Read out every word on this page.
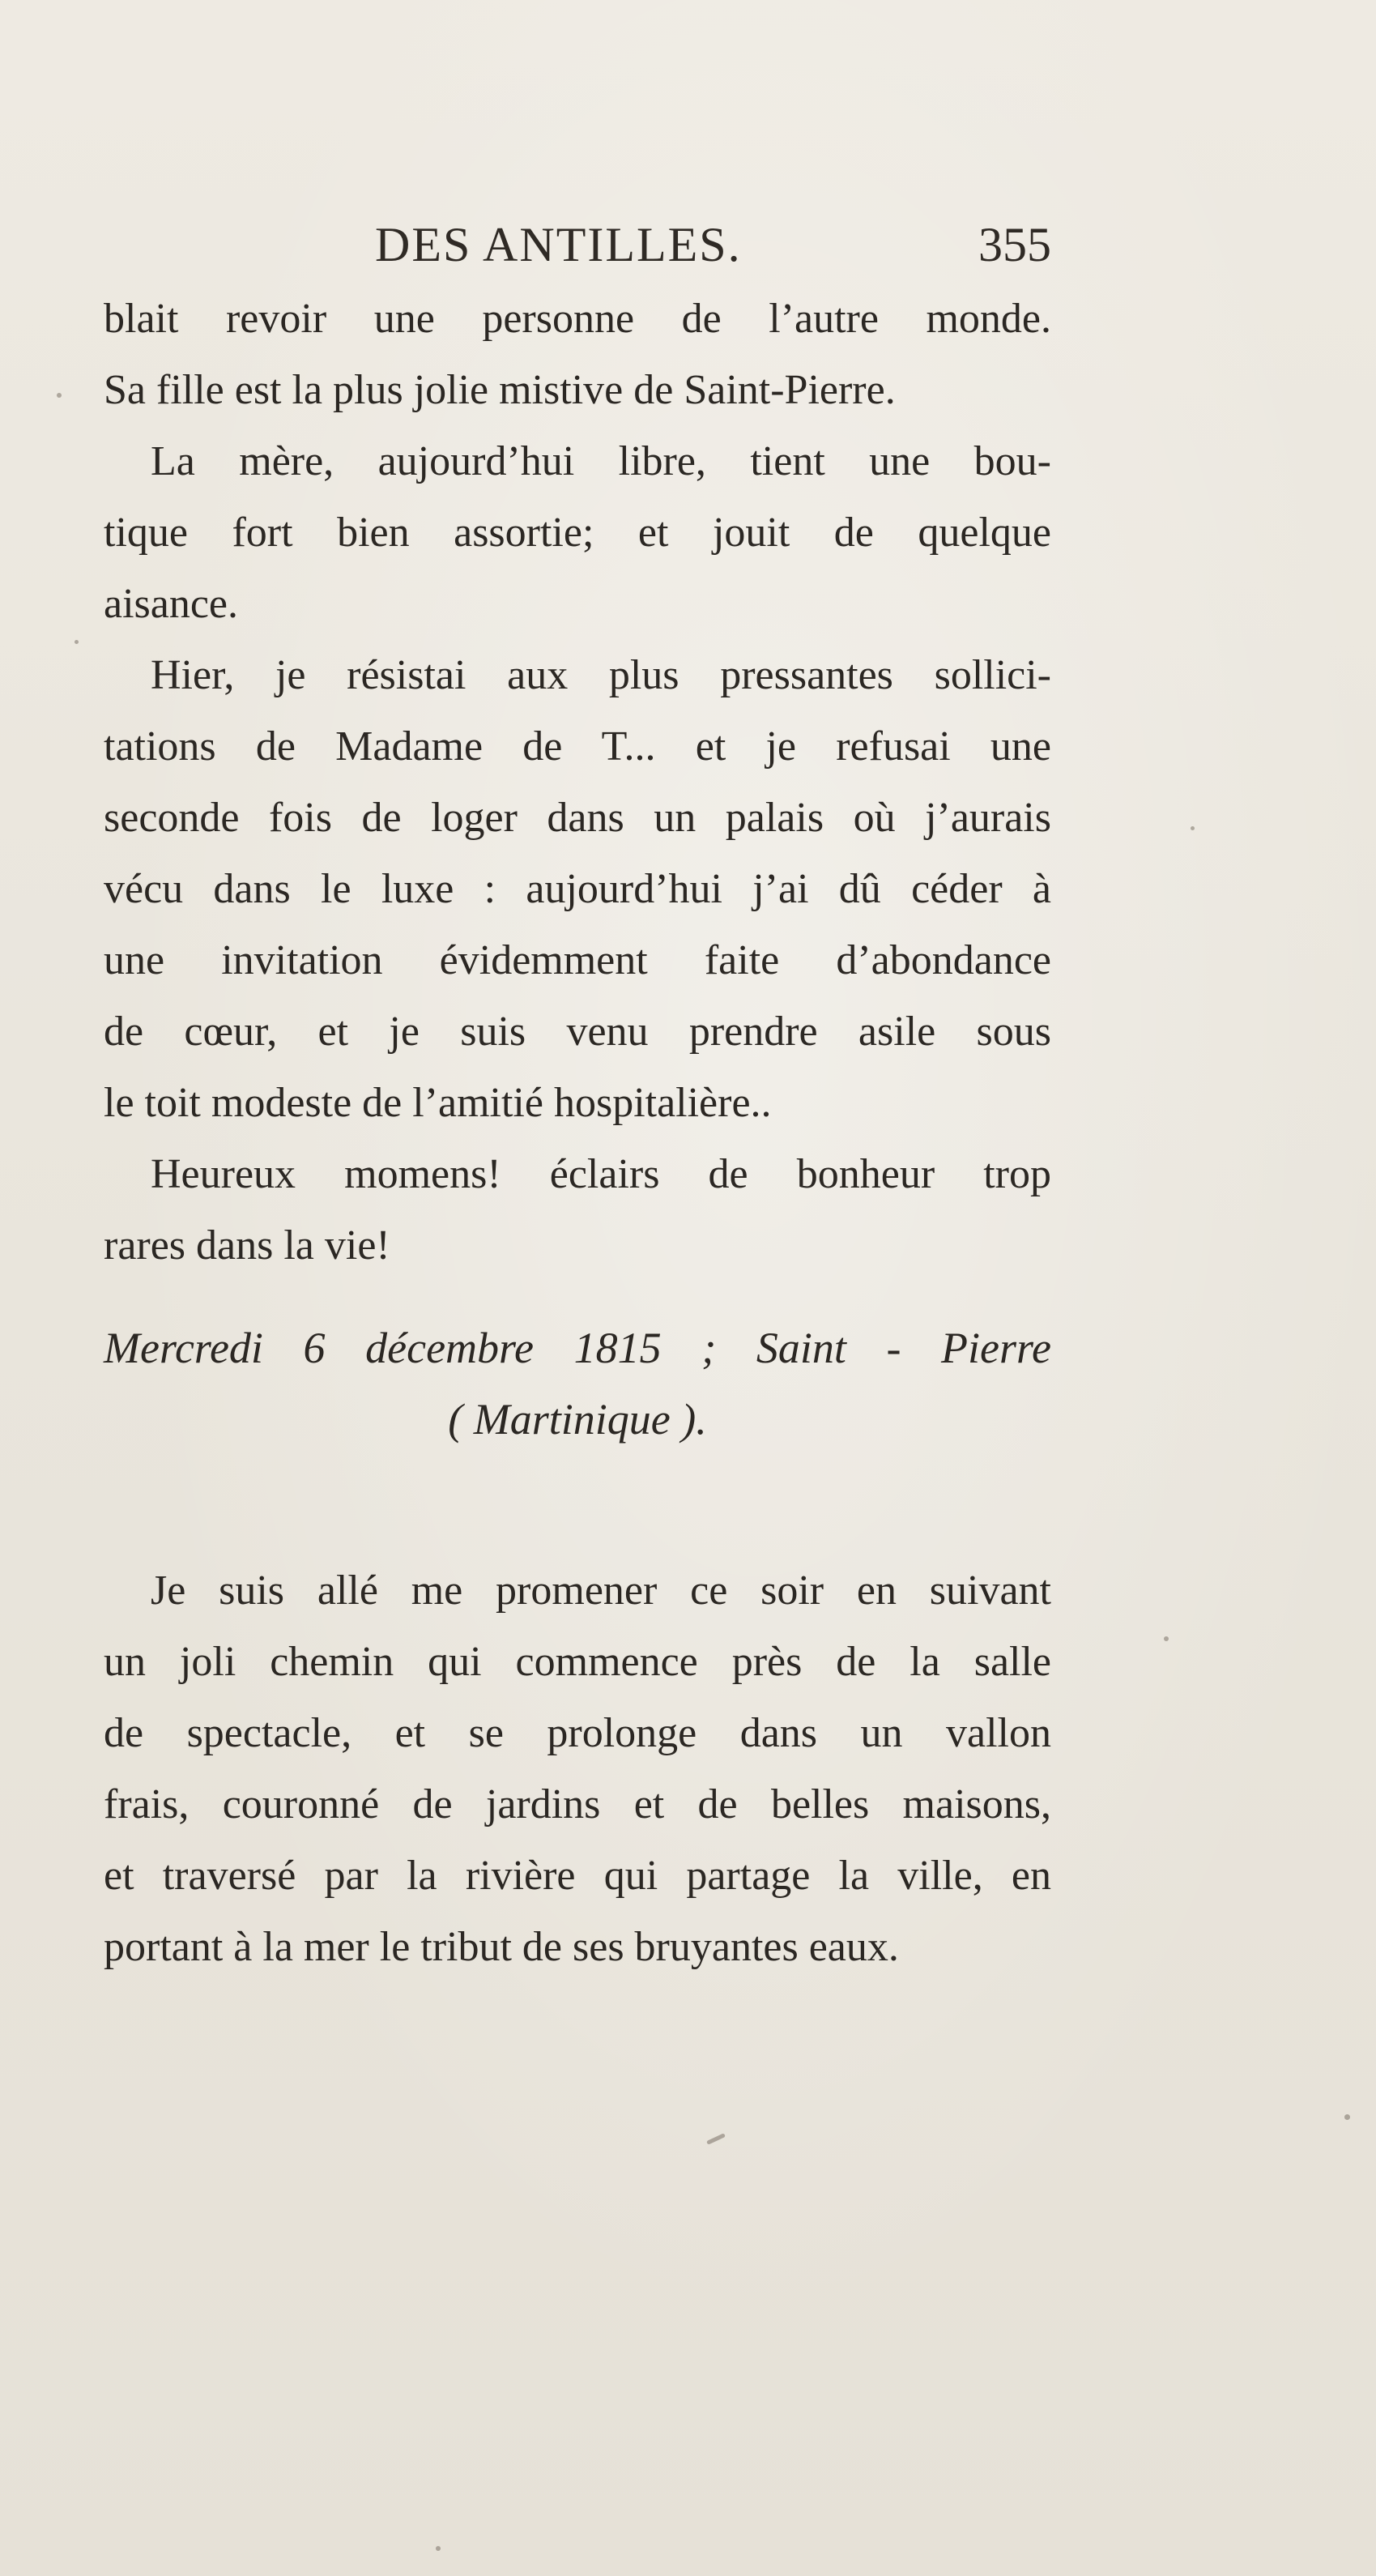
DES ANTILLES.	355
blait revoir une personne de l’autre monde.
Sa fille est la plus jolie mistive de Saint-Pierre.
La mère, aujourd’hui libre, tient une bou-
tique fort bien assortie; et jouit de quelque
aisance.
Hier, je résistai aux plus pressantes sollici-
tations de Madame de T... et je refusai une
seconde fois de loger dans un palais où j’aurais
vécu dans le luxe : aujourd’hui j’ai dû céder à
une invitation évidemment faite d’abondance
de cœur, et je suis venu prendre asile sous
le toit modeste de l’amitié hospitalière..
Heureux momens! éclairs de bonheur trop
rares dans la vie!
Mercredi 6 décembre 1815 ; Saint - Pierre
( Martinique ).
Je suis allé me promener ce soir en suivant
un joli chemin qui commence près de la salle
de spectacle, et se prolonge dans un vallon
frais, couronné de jardins et de belles maisons,
et traversé par la rivière qui partage la ville, en
portant à la mer le tribut de ses bruyantes eaux.
